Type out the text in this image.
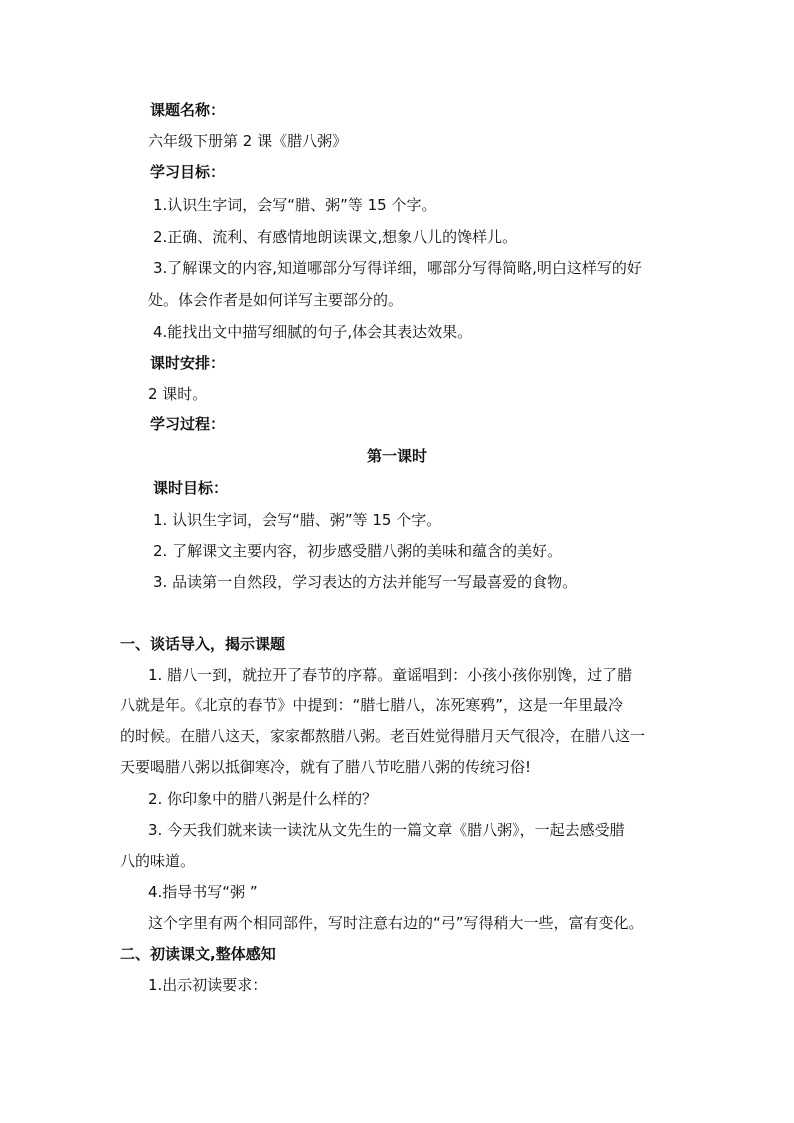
课题名称：
六年级下册第 2 课《腊八粥》
学习目标：
1.认识生字词，会写“腊、粥”等 15 个字。
2.正确、流利、有感情地朗读课文,想象八儿的馋样儿。
3.了解课文的内容,知道哪部分写得详细，哪部分写得简略,明白这样写的好
处。体会作者是如何详写主要部分的。
4.能找出文中描写细腻的句子,体会其表达效果。
课时安排：
2 课时。
学习过程：
第一课时
课时目标：
1. 认识生字词，会写“腊、粥”等 15 个字。
2. 了解课文主要内容，初步感受腊八粥的美味和蕴含的美好。
3. 品读第一自然段，学习表达的方法并能写一写最喜爱的食物。
一、谈话导入，揭示课题
1. 腊八一到，就拉开了春节的序幕。童谣唱到：小孩小孩你别馋，过了腊
八就是年。《北京的春节》中提到：“腊七腊八，冻死寒鸦”，这是一年里最冷
的时候。在腊八这天，家家都熬腊八粥。老百姓觉得腊月天气很冷，在腊八这一
天要喝腊八粥以抵御寒冷，就有了腊八节吃腊八粥的传统习俗!
2. 你印象中的腊八粥是什么样的？
3. 今天我们就来读一读沈从文先生的一篇文章《腊八粥》，一起去感受腊
八的味道。
4.指导书写“粥 ”
这个字里有两个相同部件，写时注意右边的“弓”写得稍大一些，富有变化。
二、初读课文,整体感知
1.出示初读要求：
